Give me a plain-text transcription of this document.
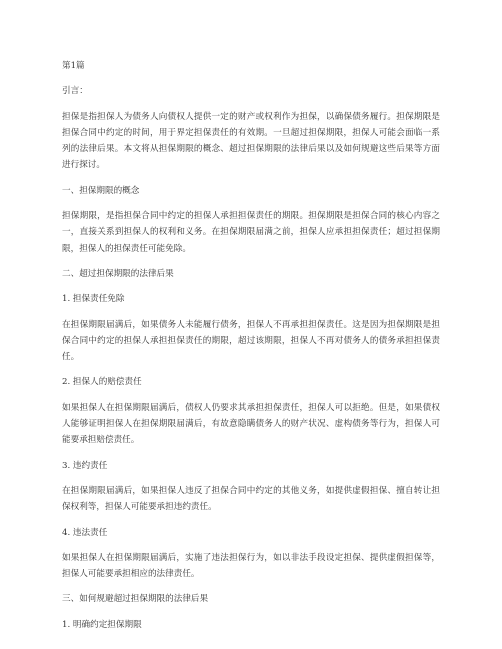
第1篇

引言：

担保是指担保人为债务人向债权人提供一定的财产或权利作为担保，以确保债务履行。担保期限是担保合同中约定的时间，用于界定担保责任的有效期。一旦超过担保期限，担保人可能会面临一系列的法律后果。本文将从担保期限的概念、超过担保期限的法律后果以及如何规避这些后果等方面进行探讨。

一、担保期限的概念

担保期限，是指担保合同中约定的担保人承担担保责任的期限。担保期限是担保合同的核心内容之一，直接关系到担保人的权利和义务。在担保期限届满之前，担保人应承担担保责任；超过担保期限，担保人的担保责任可能免除。

二、超过担保期限的法律后果

1. 担保责任免除

在担保期限届满后，如果债务人未能履行债务，担保人不再承担担保责任。这是因为担保期限是担保合同中约定的担保人承担担保责任的期限，超过该期限，担保人不再对债务人的债务承担担保责任。

2. 担保人的赔偿责任

如果担保人在担保期限届满后，债权人仍要求其承担担保责任，担保人可以拒绝。但是，如果债权人能够证明担保人在担保期限届满后，有故意隐瞒债务人的财产状况、虚构债务等行为，担保人可能要承担赔偿责任。

3. 违约责任

在担保期限届满后，如果担保人违反了担保合同中约定的其他义务，如提供虚假担保、擅自转让担保权利等，担保人可能要承担违约责任。

4. 违法责任

如果担保人在担保期限届满后，实施了违法担保行为，如以非法手段设定担保、提供虚假担保等，担保人可能要承担相应的法律责任。

三、如何规避超过担保期限的法律后果

1. 明确约定担保期限
